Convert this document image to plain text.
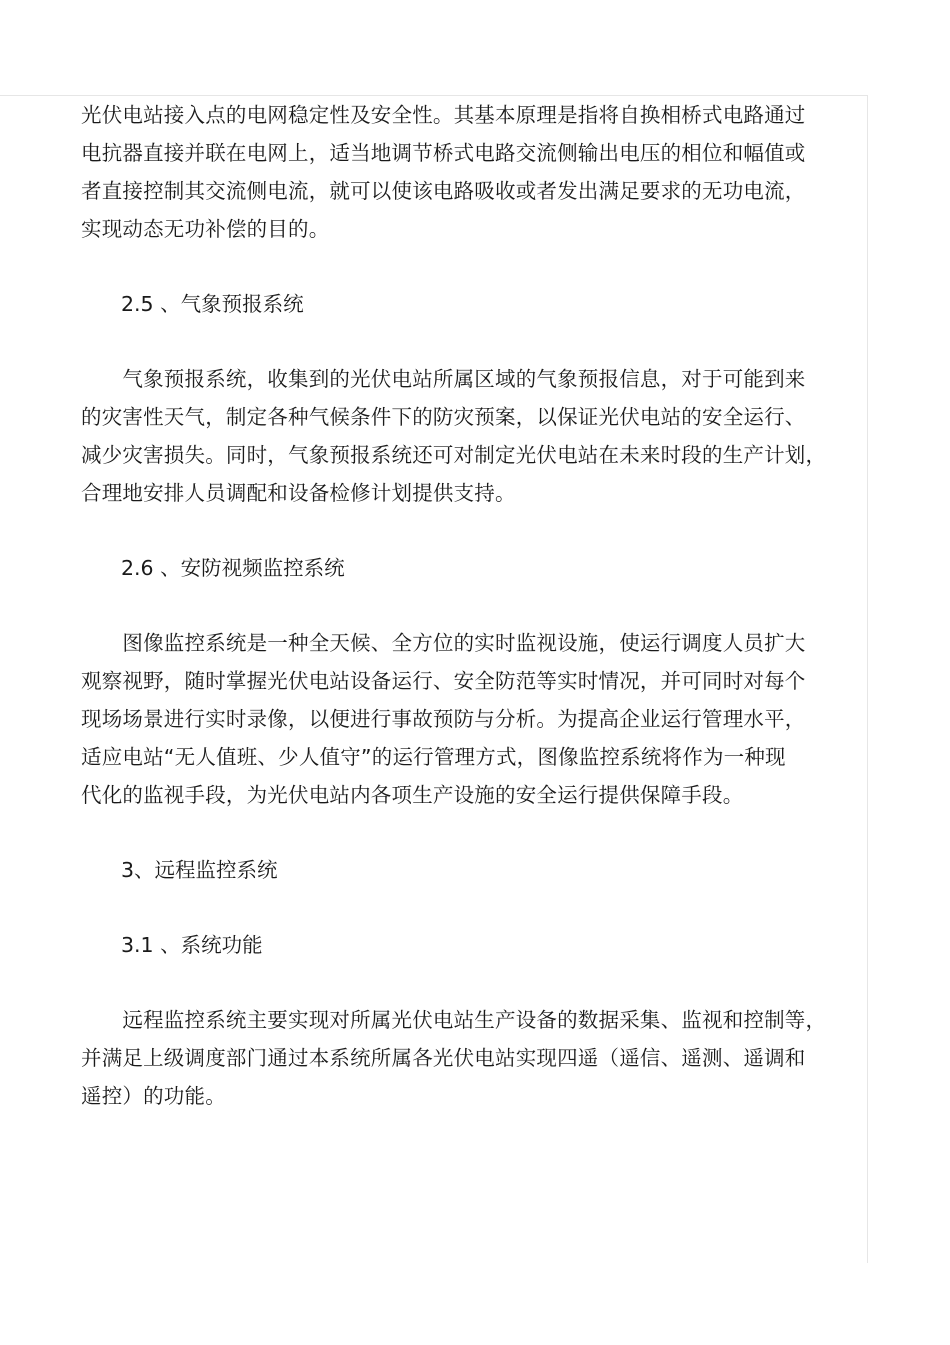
光伏电站接入点的电网稳定性及安全性。其基本原理是指将自换相桥式电路通过
电抗器直接并联在电网上，适当地调节桥式电路交流侧输出电压的相位和幅值或
者直接控制其交流侧电流，就可以使该电路吸收或者发出满足要求的无功电流，
实现动态无功补偿的目的。

2.5 、气象预报系统

　　气象预报系统，收集到的光伏电站所属区域的气象预报信息，对于可能到来
的灾害性天气，制定各种气候条件下的防灾预案，以保证光伏电站的安全运行、
减少灾害损失。同时，气象预报系统还可对制定光伏电站在未来时段的生产计划，
合理地安排人员调配和设备检修计划提供支持。

2.6 、安防视频监控系统

　　图像监控系统是一种全天候、全方位的实时监视设施，使运行调度人员扩大
观察视野，随时掌握光伏电站设备运行、安全防范等实时情况，并可同时对每个
现场场景进行实时录像，以便进行事故预防与分析。为提高企业运行管理水平，
适应电站“无人值班、少人值守”的运行管理方式，图像监控系统将作为一种现
代化的监视手段，为光伏电站内各项生产设施的安全运行提供保障手段。

3、远程监控系统

3.1 、系统功能

　　远程监控系统主要实现对所属光伏电站生产设备的数据采集、监视和控制等，
并满足上级调度部门通过本系统所属各光伏电站实现四遥（遥信、遥测、遥调和
遥控）的功能。
